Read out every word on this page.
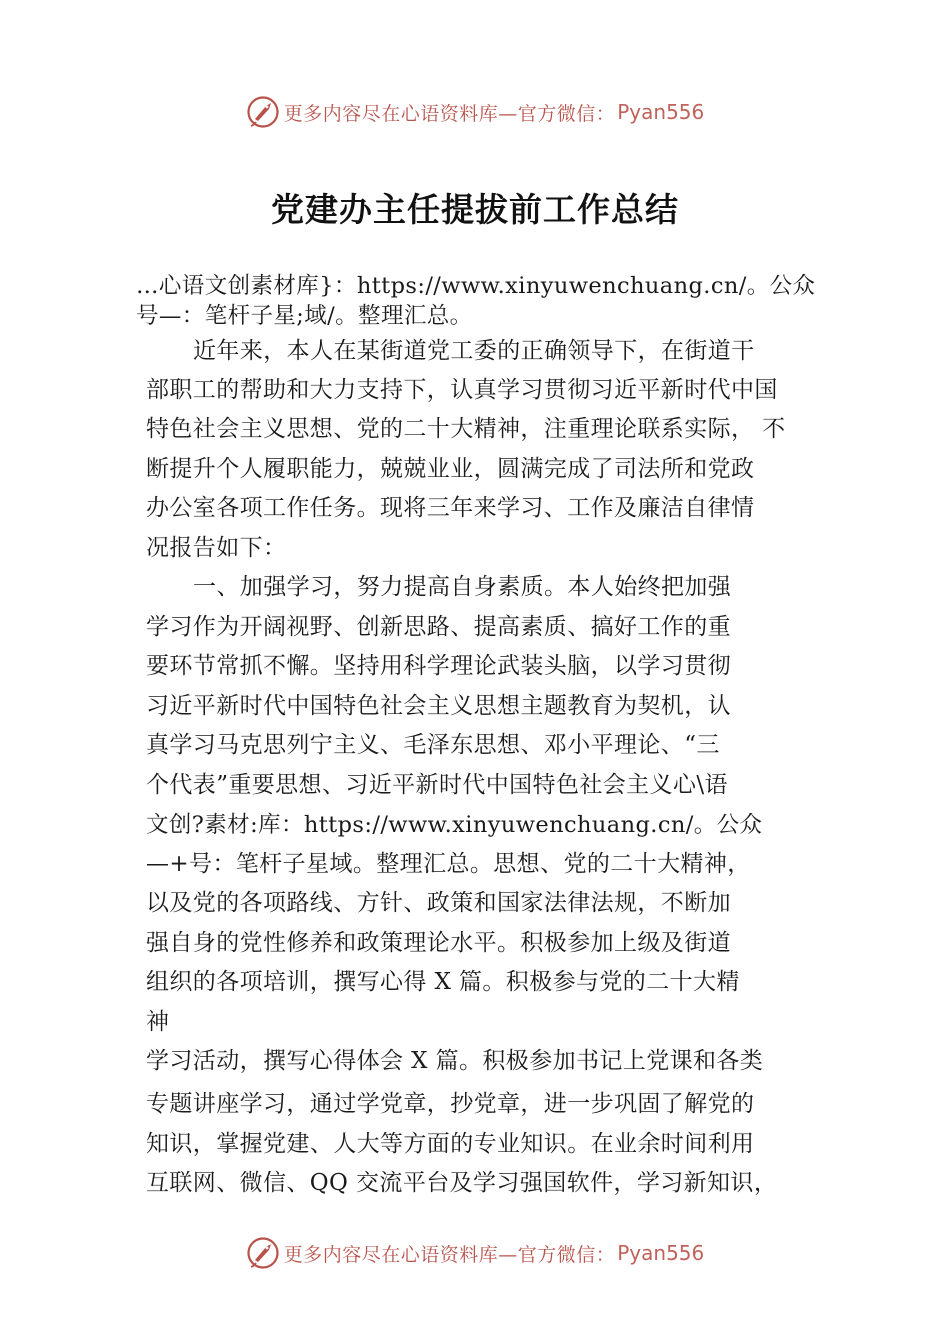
更多内容尽在心语资料库—官方微信： Pyan556
党建办主任提拔前工作总结
…心语文创素材库}：https://www.xinyuwenchuang.cn/。公众
号—：笔杆子星;域/。整理汇总。
近年来，本人在某街道党工委的正确领导下，在街道干
部职工的帮助和大力支持下，认真学习贯彻习近平新时代中国
特色社会主义思想、党的二十大精神，注重理论联系实际， 不
断提升个人履职能力，兢兢业业，圆满完成了司法所和党政
办公室各项工作任务。现将三年来学习、工作及廉洁自律情
况报告如下：
一、加强学习，努力提高自身素质。本人始终把加强
学习作为开阔视野、创新思路、提高素质、搞好工作的重
要环节常抓不懈。坚持用科学理论武装头脑，以学习贯彻
习近平新时代中国特色社会主义思想主题教育为契机，认
真学习马克思列宁主义、毛泽东思想、邓小平理论、“三
个代表”重要思想、习近平新时代中国特色社会主义心\语
文创?素材:库：https://www.xinyuwenchuang.cn/。公众
—+号：笔杆子星域。整理汇总。思想、党的二十大精神，
以及党的各项路线、方针、政策和国家法律法规，不断加
强自身的党性修养和政策理论水平。积极参加上级及街道
组织的各项培训，撰写心得 X 篇。积极参与党的二十大精
神
学习活动，撰写心得体会 X 篇。积极参加书记上党课和各类
专题讲座学习，通过学党章，抄党章，进一步巩固了解党的
知识，掌握党建、人大等方面的专业知识。在业余时间利用
互联网、微信、QQ 交流平台及学习强国软件，学习新知识，
更多内容尽在心语资料库—官方微信： Pyan556
